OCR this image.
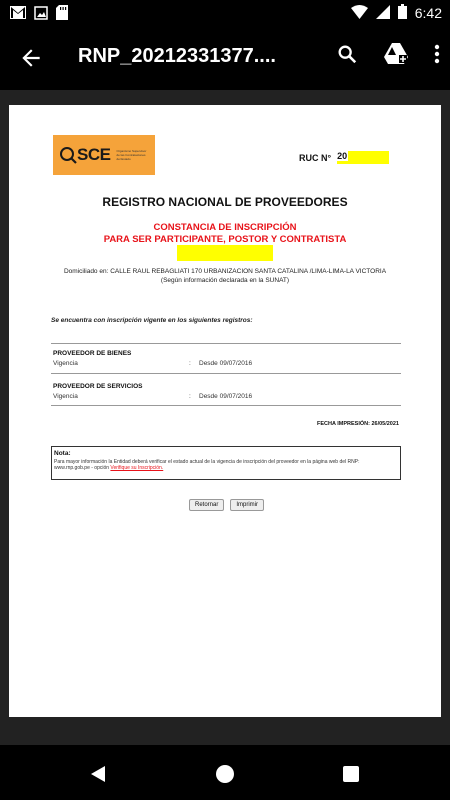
6:42
RNP_20212331377....
SCE Organismo Supervisor de las Contrataciones del Estado	RUC N° 20
REGISTRO NACIONAL DE PROVEEDORES
CONSTANCIA DE INSCRIPCIÓN
PARA SER PARTICIPANTE, POSTOR Y CONTRATISTA
Domiciliado en: CALLE RAUL REBAGLIATI 170 URBANIZACION SANTA CATALINA /LIMA-LIMA-LA VICTORIA
(Según información declarada en la SUNAT)
Se encuentra con inscripción vigente en los siguientes registros:
PROVEEDOR DE BIENES
Vigencia	:	Desde 09/07/2016
PROVEEDOR DE SERVICIOS
Vigencia	:	Desde 09/07/2016
FECHA IMPRESIÓN: 26/05/2021
Nota:
Para mayor información la Entidad deberá verificar el estado actual de la vigencia de inscripción del proveedor en la página web del RNP:
www.rnp.gob.pe - opción Verifique su Inscripción.
Retornar	Imprimir
